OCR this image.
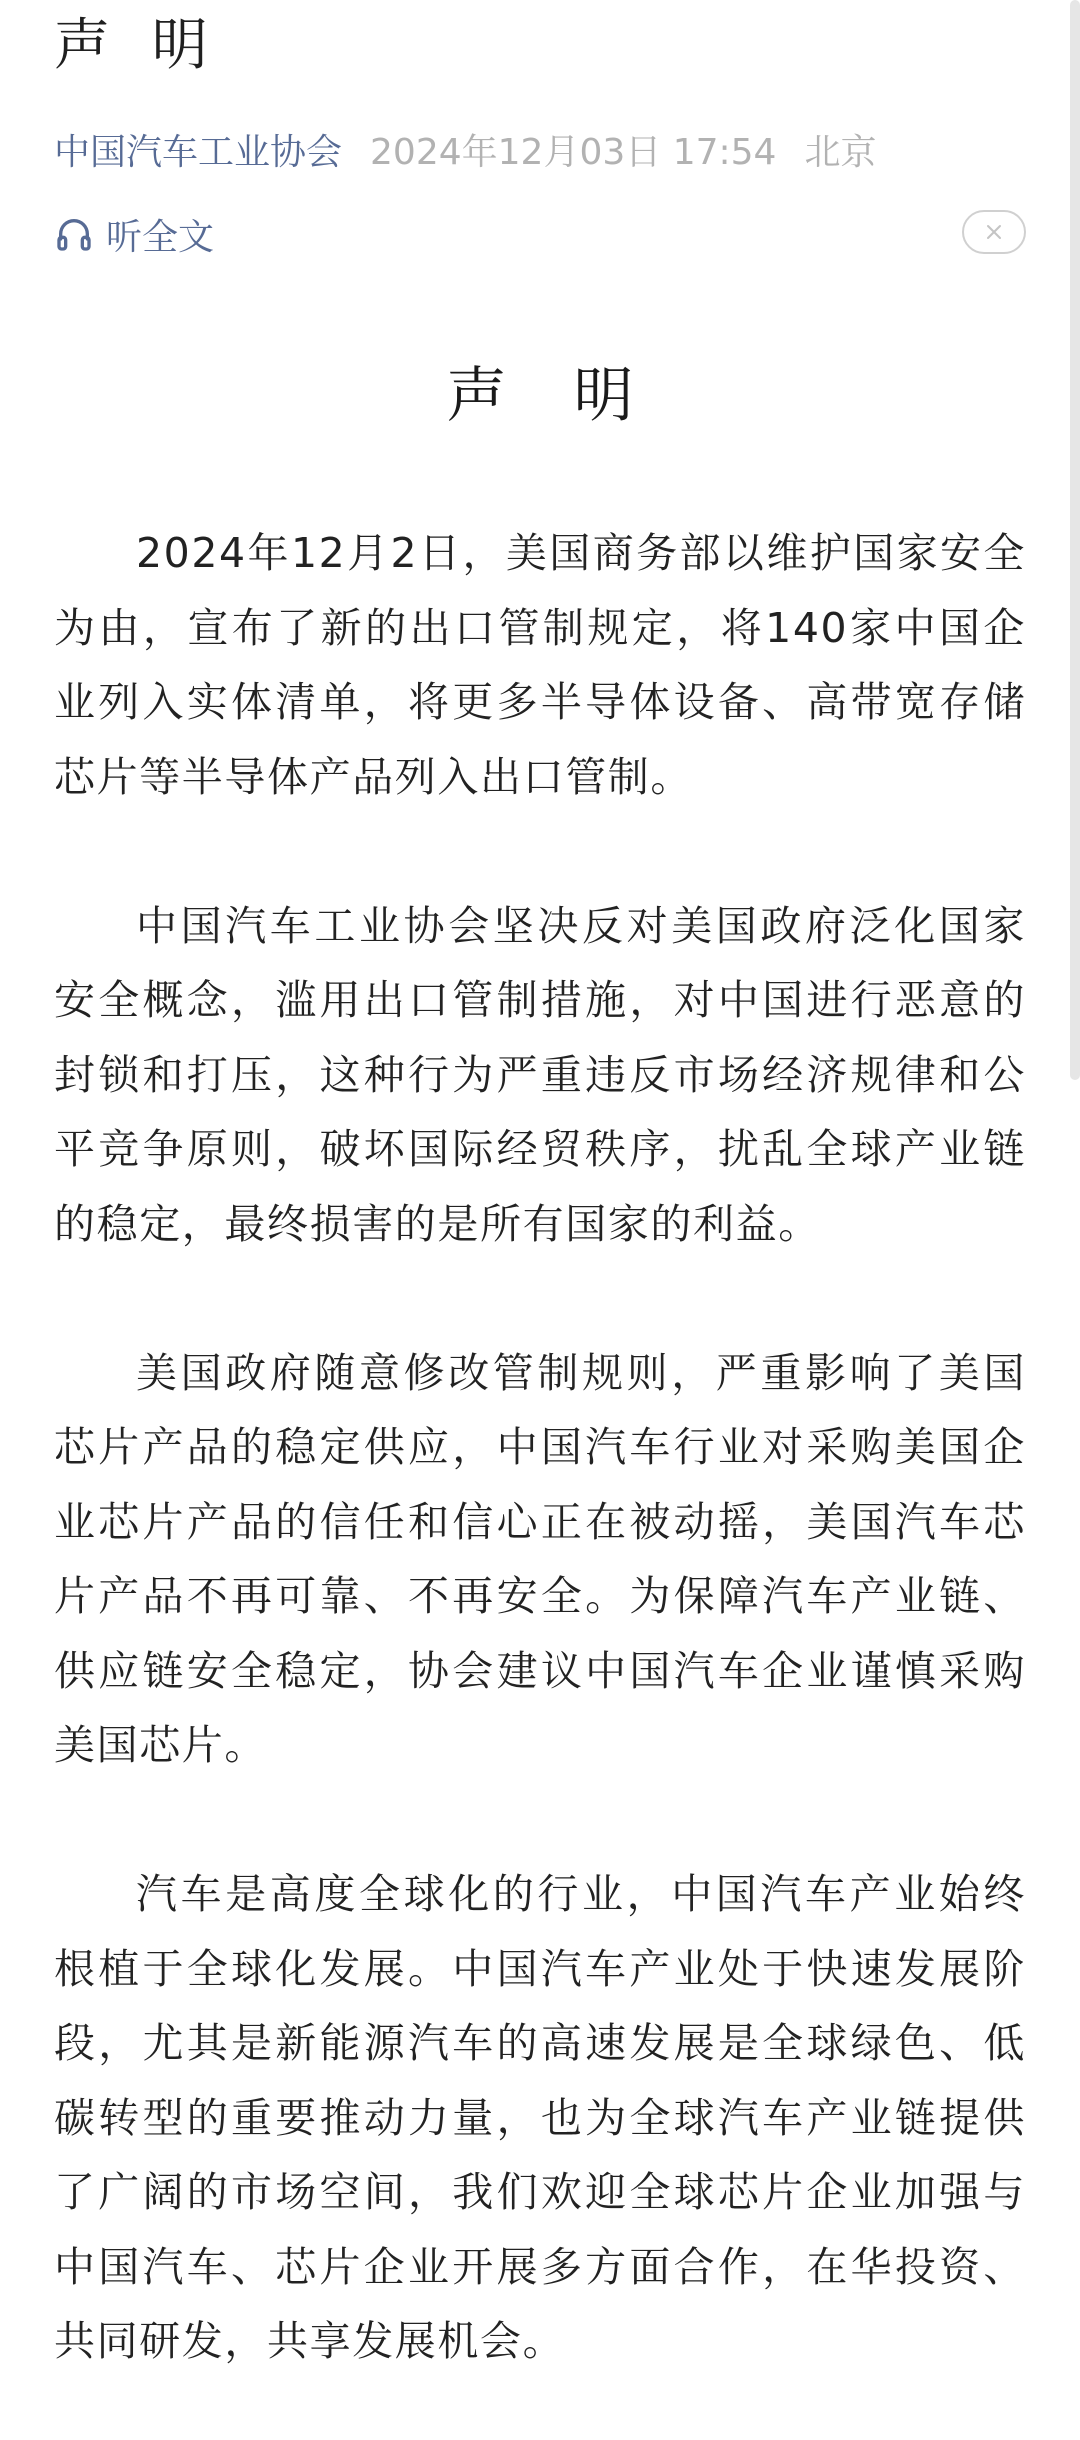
声 明
中国汽车工业协会 2024年12月03日 17:54 北京
听全文
声 明

2024年12月2日，美国商务部以维护国家安全为由，宣布了新的出口管制规定，将140家中国企业列入实体清单，将更多半导体设备、高带宽存储芯片等半导体产品列入出口管制。

中国汽车工业协会坚决反对美国政府泛化国家安全概念，滥用出口管制措施，对中国进行恶意的封锁和打压，这种行为严重违反市场经济规律和公平竞争原则，破坏国际经贸秩序，扰乱全球产业链的稳定，最终损害的是所有国家的利益。

美国政府随意修改管制规则，严重影响了美国芯片产品的稳定供应，中国汽车行业对采购美国企业芯片产品的信任和信心正在被动摇，美国汽车芯片产品不再可靠、不再安全。为保障汽车产业链、供应链安全稳定，协会建议中国汽车企业谨慎采购美国芯片。

汽车是高度全球化的行业，中国汽车产业始终根植于全球化发展。中国汽车产业处于快速发展阶段，尤其是新能源汽车的高速发展是全球绿色、低碳转型的重要推动力量，也为全球汽车产业链提供了广阔的市场空间，我们欢迎全球芯片企业加强与中国汽车、芯片企业开展多方面合作，在华投资、共同研发，共享发展机会。
